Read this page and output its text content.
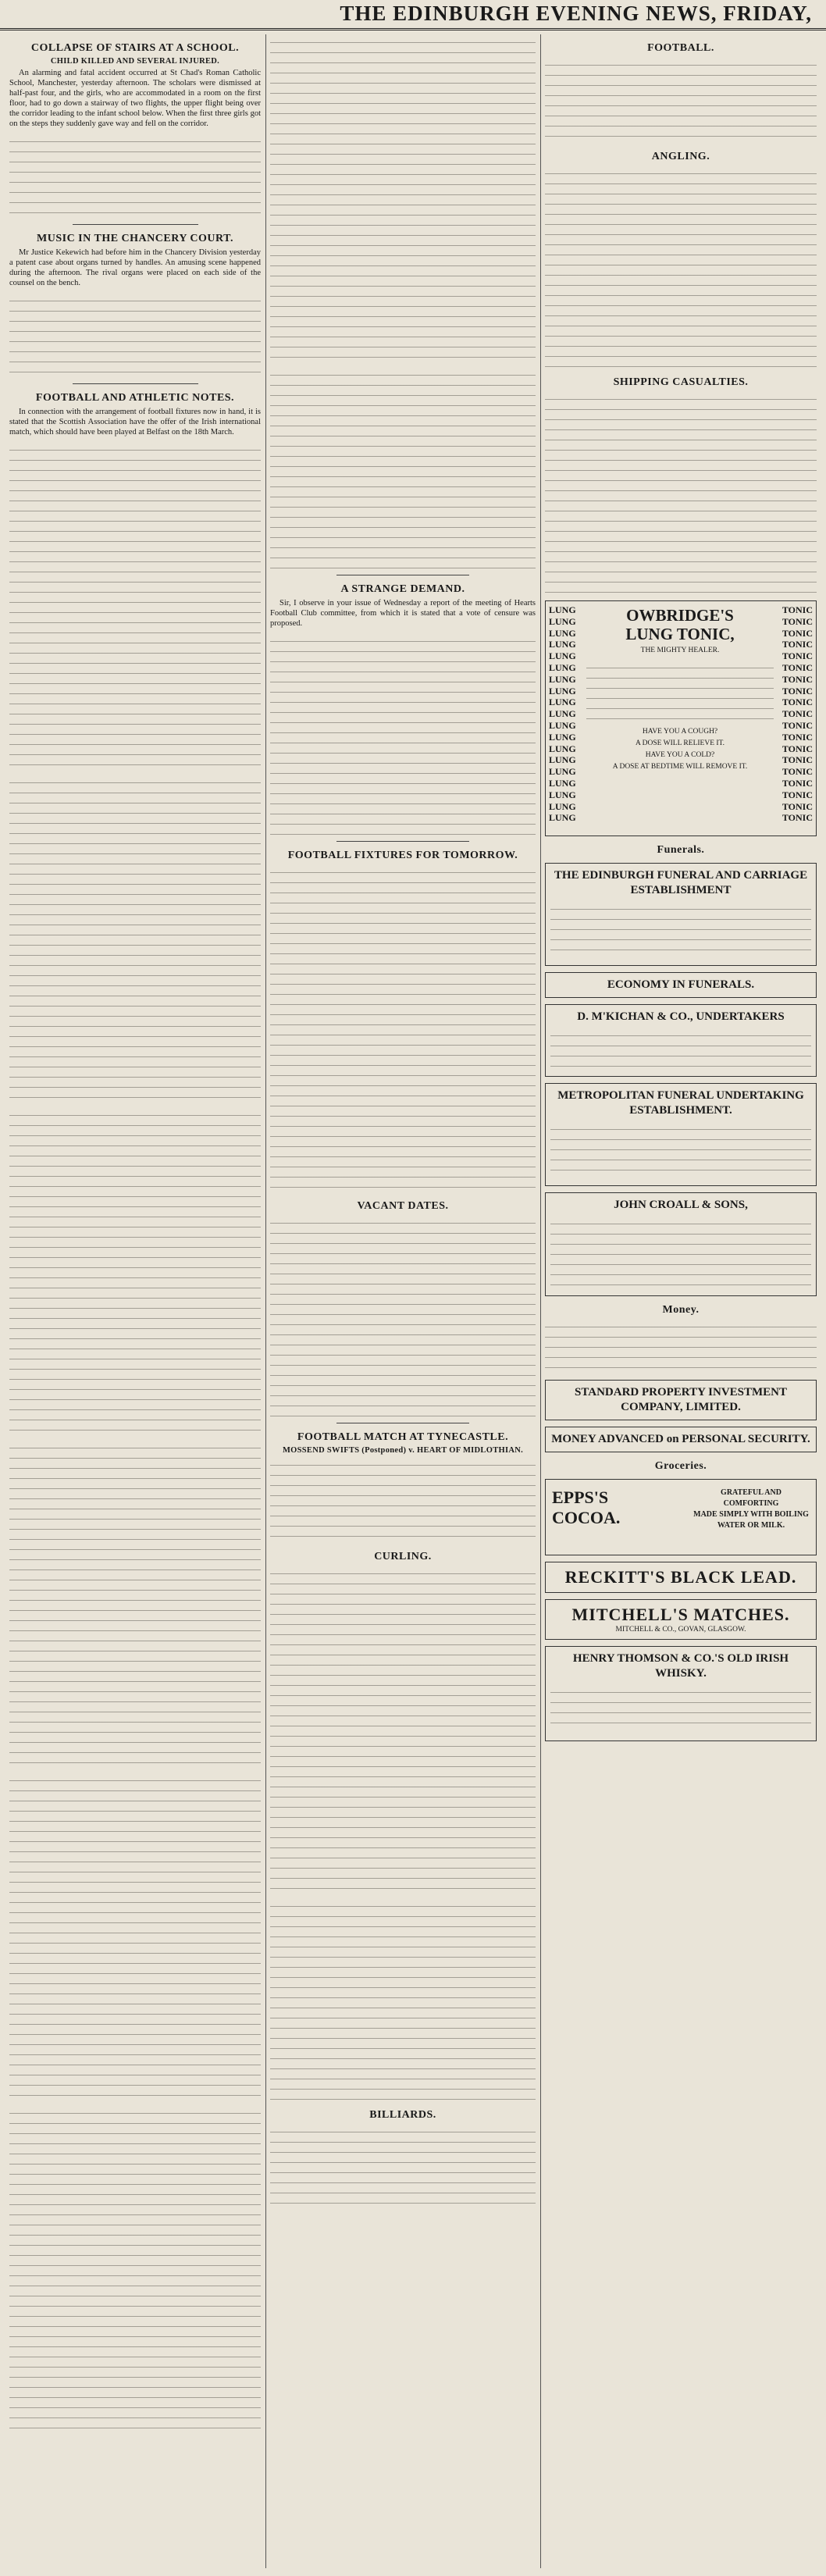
THE EDINBURGH EVENING NEWS, FRIDAY,
COLLAPSE OF STAIRS AT A SCHOOL.
CHILD KILLED AND SEVERAL INJURED.

An alarming and fatal accident occurred at St Chad's Roman Catholic School, Manchester, yesterday afternoon. The scholars were dismissed at half-past four, and the girls, who are accommodated in a room on the first floor, had to go down a stairway of two flights, the upper flight being over the corridor leading to the infant school below. When the first three girls got on the steps they suddenly gave way and fell on the corridor.

MUSIC IN THE CHANCERY COURT.

Mr Justice Kekewich had before him in the Chancery Division yesterday a patent case about organs turned by handles. An amusing scene happened during the afternoon. The rival organs were placed on each side of the counsel on the bench.

FOOTBALL AND ATHLETIC NOTES.

In connection with the arrangement of football fixtures now in hand, it is stated that the Scottish Association have the offer of the Irish international match, which should have been played at Belfast on the 18th March.

A STRANGE DEMAND.

Sir, I observe in your issue of Wednesday a report of the meeting of Hearts Football Club committee, from which it is stated that a vote of censure was proposed.

FOOTBALL FIXTURES FOR TOMORROW.
VACANT DATES.
FOOTBALL MATCH AT TYNECASTLE.
MOSSEND SWIFTS (Postponed) v. HEART OF MIDLOTHIAN.
CURLING.
BILLIARDS.
FOOTBALL.
ANGLING.
SHIPPING CASUALTIES.
LUNG
LUNG
LUNG
LUNG
LUNG
LUNG
LUNG
LUNG
LUNG
LUNG
LUNG
LUNG
LUNG
LUNG
LUNG
LUNG
LUNG
LUNG
LUNG
TONIC
TONIC
TONIC
TONIC
TONIC
TONIC
TONIC
TONIC
TONIC
TONIC
TONIC
TONIC
TONIC
TONIC
TONIC
TONIC
TONIC
TONIC
TONIC
OWBRIDGE'S
LUNG TONIC,
THE MIGHTY HEALER.
HAVE YOU A COUGH?
A DOSE WILL RELIEVE IT.
HAVE YOU A COLD?
A DOSE AT BEDTIME WILL REMOVE IT.
Funerals.
THE EDINBURGH FUNERAL AND CARRIAGE ESTABLISHMENT
ECONOMY IN FUNERALS.
D. M'KICHAN & CO., UNDERTAKERS
METROPOLITAN FUNERAL UNDERTAKING ESTABLISHMENT.
JOHN CROALL & SONS,
Money.
STANDARD PROPERTY INVESTMENT COMPANY, LIMITED.
MONEY ADVANCED on PERSONAL SECURITY.
Groceries.
EPPS'S
COCOA.
GRATEFUL AND COMFORTING
MADE SIMPLY WITH BOILING WATER OR MILK.
RECKITT'S BLACK LEAD.
MITCHELL'S MATCHES.
MITCHELL & CO., GOVAN, GLASGOW.
HENRY THOMSON & CO.'S OLD IRISH WHISKY.
